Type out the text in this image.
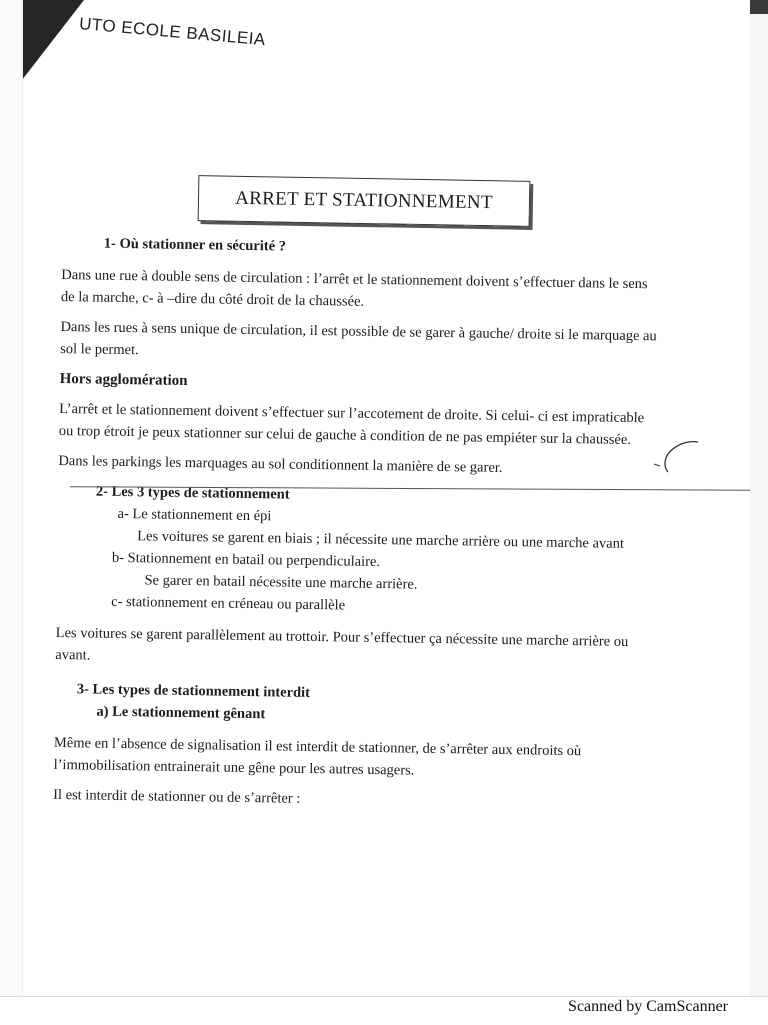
UTO ECOLE BASILEIA
ARRET ET STATIONNEMENT

1- Où stationner en sécurité ?

Dans une rue à double sens de circulation : l’arrêt et le stationnement doivent s’effectuer dans le sens de la marche, c- à –dire du côté droit de la chaussée.

Dans les rues à sens unique de circulation, il est possible de se garer à gauche/ droite si le marquage au sol le permet.

Hors agglomération

L’arrêt et le stationnement doivent s’effectuer sur l’accotement de droite. Si celui- ci est impraticable ou trop étroit je peux stationner sur celui de gauche à condition de ne pas empiéter sur la chaussée.

Dans les parkings les marquages au sol conditionnent la manière de se garer.

2- Les 3 types de stationnement

a- Le stationnement en épi

Les voitures se garent en biais ; il nécessite une marche arrière ou une marche avant

b- Stationnement en batail ou perpendiculaire.

Se garer en batail nécessite une marche arrière.

c- stationnement en créneau ou parallèle

Les voitures se garent parallèlement au trottoir. Pour s’effectuer ça nécessite une marche arrière ou avant.

3- Les types de stationnement interdit

a) Le stationnement gênant

Même en l’absence de signalisation il est interdit de stationner, de s’arrêter aux endroits où l’immobilisation entrainerait une gêne pour les autres usagers.

Il est interdit de stationner ou de s’arrêter :

Scanned by CamScanner
